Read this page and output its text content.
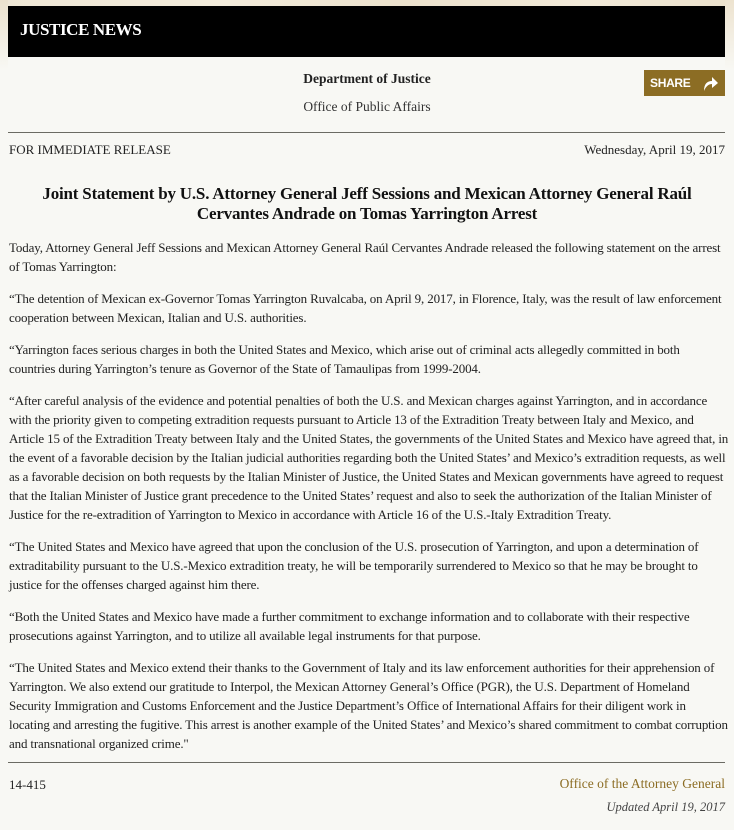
JUSTICE NEWS
Department of Justice
Office of Public Affairs
SHARE
FOR IMMEDIATE RELEASE	Wednesday, April 19, 2017
Joint Statement by U.S. Attorney General Jeff Sessions and Mexican Attorney General Raúl Cervantes Andrade on Tomas Yarrington Arrest

Today, Attorney General Jeff Sessions and Mexican Attorney General Raúl Cervantes Andrade released the following statement on the arrest of Tomas Yarrington:

“The detention of Mexican ex-Governor Tomas Yarrington Ruvalcaba, on April 9, 2017, in Florence, Italy, was the result of law enforcement cooperation between Mexican, Italian and U.S. authorities.

“Yarrington faces serious charges in both the United States and Mexico, which arise out of criminal acts allegedly committed in both countries during Yarrington’s tenure as Governor of the State of Tamaulipas from 1999-2004.

“After careful analysis of the evidence and potential penalties of both the U.S. and Mexican charges against Yarrington, and in accordance with the priority given to competing extradition requests pursuant to Article 13 of the Extradition Treaty between Italy and Mexico, and Article 15 of the Extradition Treaty between Italy and the United States, the governments of the United States and Mexico have agreed that, in the event of a favorable decision by the Italian judicial authorities regarding both the United States’ and Mexico’s extradition requests, as well as a favorable decision on both requests by the Italian Minister of Justice, the United States and Mexican governments have agreed to request that the Italian Minister of Justice grant precedence to the United States’ request and also to seek the authorization of the Italian Minister of Justice for the re-extradition of Yarrington to Mexico in accordance with Article 16 of the U.S.-Italy Extradition Treaty.

“The United States and Mexico have agreed that upon the conclusion of the U.S. prosecution of Yarrington, and upon a determination of extraditability pursuant to the U.S.-Mexico extradition treaty, he will be temporarily surrendered to Mexico so that he may be brought to justice for the offenses charged against him there.

“Both the United States and Mexico have made a further commitment to exchange information and to collaborate with their respective prosecutions against Yarrington, and to utilize all available legal instruments for that purpose.

“The United States and Mexico extend their thanks to the Government of Italy and its law enforcement authorities for their apprehension of Yarrington. We also extend our gratitude to Interpol, the Mexican Attorney General’s Office (PGR), the U.S. Department of Homeland Security Immigration and Customs Enforcement and the Justice Department’s Office of International Affairs for their diligent work in locating and arresting the fugitive. This arrest is another example of the United States’ and Mexico’s shared commitment to combat corruption and transnational organized crime."

14-415	Office of the Attorney General
Updated April 19, 2017
